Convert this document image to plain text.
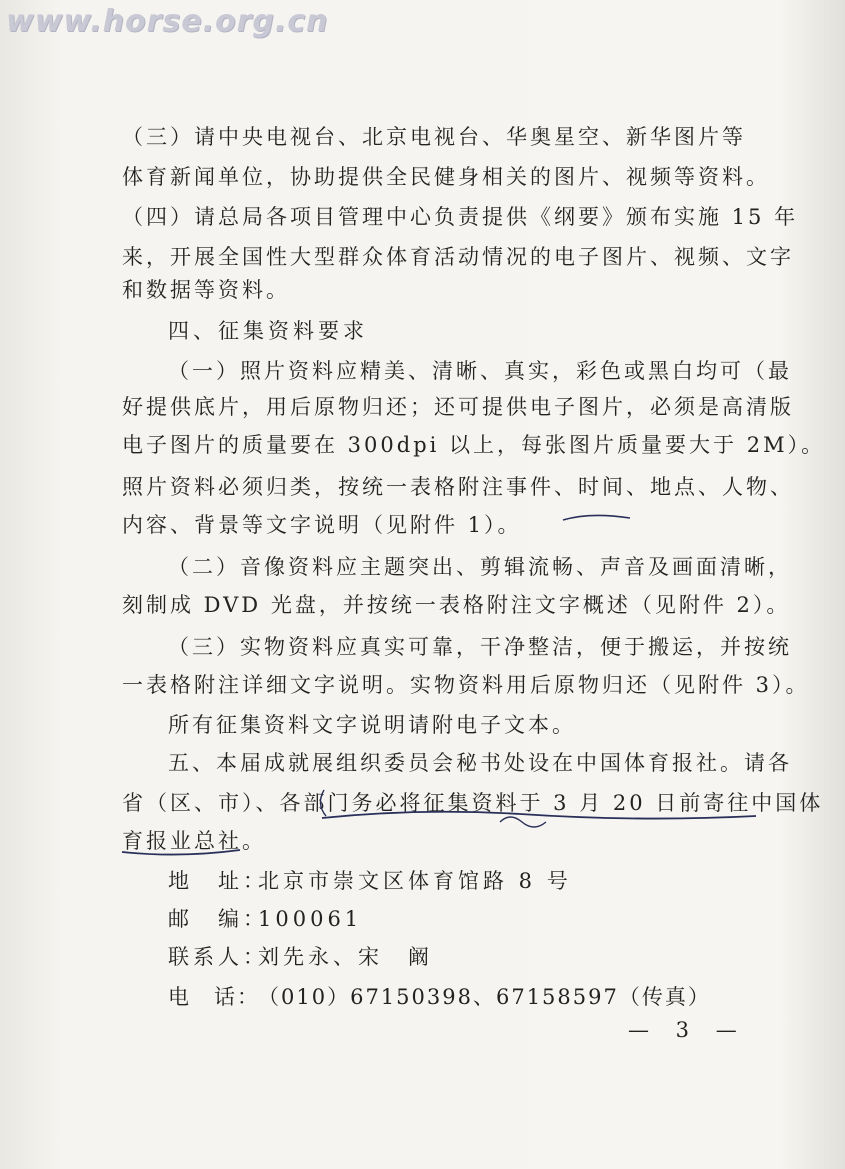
www.horse.org.cn
（三）请中央电视台、北京电视台、华奥星空、新华图片等
体育新闻单位，协助提供全民健身相关的图片、视频等资料。
（四）请总局各项目管理中心负责提供《纲要》颁布实施 15 年
来，开展全国性大型群众体育活动情况的电子图片、视频、文字
和数据等资料。
四、征集资料要求
（一）照片资料应精美、清晰、真实，彩色或黑白均可（最
好提供底片，用后原物归还；还可提供电子图片，必须是高清版
电子图片的质量要在 300dpi 以上，每张图片质量要大于 2M）。
照片资料必须归类，按统一表格附注事件、时间、地点、人物、
内容、背景等文字说明（见附件 1）。
（二）音像资料应主题突出、剪辑流畅、声音及画面清晰，
刻制成 DVD 光盘，并按统一表格附注文字概述（见附件 2）。
（三）实物资料应真实可靠，干净整洁，便于搬运，并按统
一表格附注详细文字说明。实物资料用后原物归还（见附件 3）。
所有征集资料文字说明请附电子文本。
五、本届成就展组织委员会秘书处设在中国体育报社。请各
省（区、市）、各部门务必将征集资料于 3 月 20 日前寄往中国体
育报业总社。
地　址：北京市崇文区体育馆路 8 号
邮　编：100061
联系人：刘先永、宋　阚
电　话：（010）67150398、67158597（传真）
— 3 —
